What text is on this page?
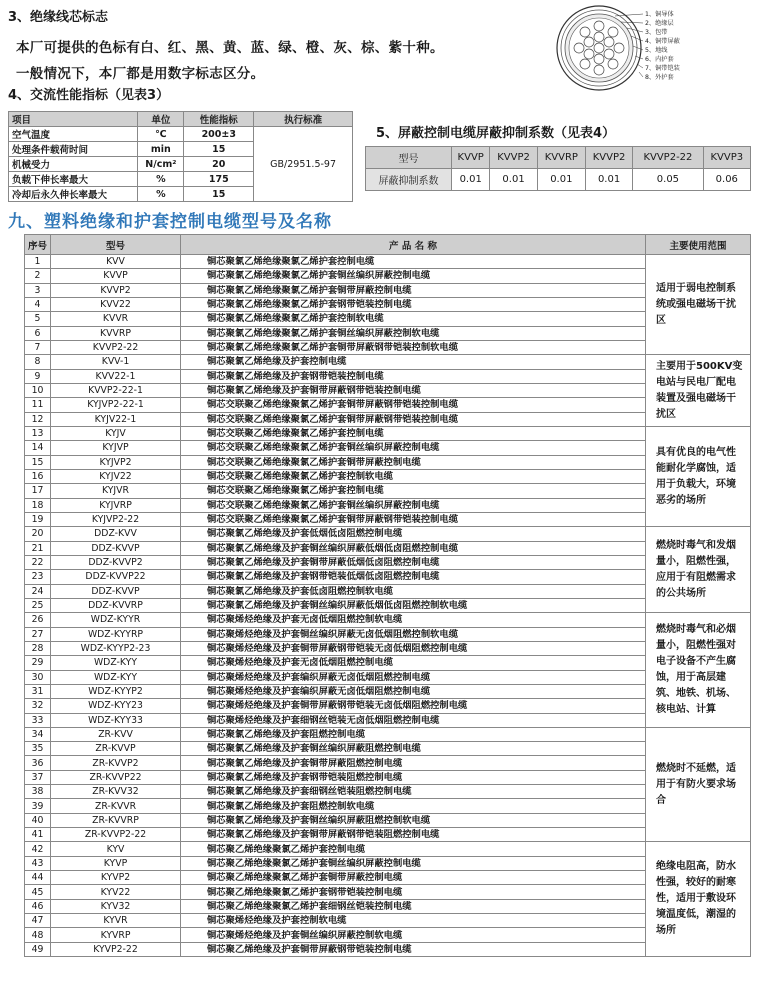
3、绝缘线芯标志
本厂可提供的色标有白、红、黑、黄、蓝、绿、橙、灰、棕、紫十种。
一般情况下，本厂都是用数字标志区分。
1、铜导体
2、绝缘层
3、包带
4、铜带屏蔽
5、地线
6、内护套
7、铜带铠装
8、外护套
4、交流性能指标（见表3）
项目	单位	性能指标	执行标准
空气温度	℃	200±3	GB/2951.5-97
处理条件载荷时间	min	15	
机械受力	N/cm²	20	
负载下伸长率最大	%	175	
冷却后永久伸长率最大	%	15	
5、屏蔽控制电缆屏蔽抑制系数（见表4）
型号	KVVP	KVVP2	KVVRP	KVVP2	KVVP2-22	KVVP3
屏蔽抑制系数	0.01	0.01	0.01	0.01	0.05	0.06
九、塑料绝缘和护套控制电缆型号及名称
序号	型号	产 品 名 称	主要使用范围
1	KVV	铜芯聚氯乙烯绝缘聚氯乙烯护套控制电缆	适用于弱电控制系统或强电磁场干扰区
2	KVVP	铜芯聚氯乙烯绝缘聚氯乙烯护套铜丝编织屏蔽控制电缆	
3	KVVP2	铜芯聚氯乙烯绝缘聚氯乙烯护套铜带屏蔽控制电缆	
4	KVV22	铜芯聚氯乙烯绝缘聚氯乙烯护套钢带铠装控制电缆	
5	KVVR	铜芯聚氯乙烯绝缘聚氯乙烯护套控制软电缆	
6	KVVRP	铜芯聚氯乙烯绝缘聚氯乙烯护套铜丝编织屏蔽控制软电缆	
7	KVVP2-22	铜芯聚氯乙烯绝缘聚氯乙烯护套铜带屏蔽钢带铠装控制软电缆	
8	KVV-1	铜芯聚氯乙烯绝缘及护套控制电缆	主要用于500KV变电站与民电厂配电装置及强电磁场干扰区
9	KVV22-1	铜芯聚氯乙烯绝缘及护套钢带铠装控制电缆	
10	KVVP2-22-1	铜芯聚氯乙烯绝缘及护套铜带屏蔽钢带铠装控制电缆	
11	KYJVP2-22-1	铜芯交联聚乙烯绝缘聚氯乙烯护套铜带屏蔽钢带铠装控制电缆	
12	KYJV22-1	铜芯交联聚乙烯绝缘聚氯乙烯护套铜带屏蔽钢带铠装控制电缆	
13	KYJV	铜芯交联聚乙烯绝缘聚氯乙烯护套控制电缆	具有优良的电气性能耐化学腐蚀，适用于负载大，环境恶劣的场所
14	KYJVP	铜芯交联聚乙烯绝缘聚氯乙烯护套铜丝编织屏蔽控制电缆	
15	KYJVP2	铜芯交联聚乙烯绝缘聚氯乙烯护套铜带屏蔽控制电缆	
16	KYJV22	铜芯交联聚乙烯绝缘聚氯乙烯护套控制软电缆	
17	KYJVR	铜芯交联聚乙烯绝缘聚氯乙烯护套控制电缆	
18	KYJVRP	铜芯交联聚乙烯绝缘聚氯乙烯护套铜丝编织屏蔽控制电缆	
19	KYJVP2-22	铜芯交联聚乙烯绝缘聚氯乙烯护套铜带屏蔽钢带铠装控制电缆	
20	DDZ-KVV	铜芯聚氯乙烯绝缘及护套低烟低卤阻燃控制电缆	燃烧时毒气和发烟量小，阻燃性强，应用于有阻燃需求的公共场所
21	DDZ-KVVP	铜芯聚氯乙烯绝缘及护套铜丝编织屏蔽低烟低卤阻燃控制电缆	
22	DDZ-KVVP2	铜芯聚氯乙烯绝缘及护套铜带屏蔽低烟低卤阻燃控制电缆	
23	DDZ-KVVP22	铜芯聚氯乙烯绝缘及护套钢带铠装低烟低卤阻燃控制电缆	
24	DDZ-KVVP	铜芯聚氯乙烯绝缘及护套低卤阻燃控制软电缆	
25	DDZ-KVVRP	铜芯聚氯乙烯绝缘及护套铜丝编织屏蔽低烟低卤阻燃控制软电缆	
26	WDZ-KYYR	铜芯聚烯烃绝缘及护套无卤低烟阻燃控制软电缆	燃烧时毒气和必烟量小，阻燃性强对电子设备不产生腐蚀，用于高层建筑、地铁、机场、核电站、计算
27	WDZ-KYYRP	铜芯聚烯烃绝缘及护套铜丝编织屏蔽无卤低烟阻燃控制软电缆	
28	WDZ-KYYP2-23	铜芯聚烯烃绝缘及护套铜带屏蔽钢带铠装无卤低烟阻燃控制电缆	
29	WDZ-KYY	铜芯聚烯烃绝缘及护套无卤低烟阻燃控制电缆	
30	WDZ-KYY	铜芯聚烯烃绝缘及护套编织屏蔽无卤低烟阻燃控制电缆	
31	WDZ-KYYP2	铜芯聚烯烃绝缘及护套编织屏蔽无卤低烟阻燃控制电缆	
32	WDZ-KYY23	铜芯聚烯烃绝缘及护套铜带屏蔽钢带铠装无卤低烟阻燃控制电缆	
33	WDZ-KYY33	铜芯聚烯烃绝缘及护套细钢丝铠装无卤低烟阻燃控制电缆	
34	ZR-KVV	铜芯聚氯乙烯绝缘及护套阻燃控制电缆	燃烧时不延燃，适用于有防火要求场合
35	ZR-KVVP	铜芯聚氯乙烯绝缘及护套铜丝编织屏蔽阻燃控制电缆	
36	ZR-KVVP2	铜芯聚氯乙烯绝缘及护套铜带屏蔽阻燃控制电缆	
37	ZR-KVVP22	铜芯聚氯乙烯绝缘及护套钢带铠装阻燃控制电缆	
38	ZR-KVV32	铜芯聚氯乙烯绝缘及护套细钢丝铠装阻燃控制电缆	
39	ZR-KVVR	铜芯聚氯乙烯绝缘及护套阻燃控制软电缆	
40	ZR-KVVRP	铜芯聚氯乙烯绝缘及护套铜丝编织屏蔽阻燃控制软电缆	
41	ZR-KVVP2-22	铜芯聚氯乙烯绝缘及护套铜带屏蔽钢带铠装阻燃控制电缆	
42	KYV	铜芯聚乙烯绝缘聚氯乙烯护套控制电缆	绝缘电阻高，防水性强，较好的耐寒性，适用于敷设环境温度低，潮湿的场所
43	KYVP	铜芯聚乙烯绝缘聚氯乙烯护套铜丝编织屏蔽控制电缆	
44	KYVP2	铜芯聚乙烯绝缘聚氯乙烯护套铜带屏蔽控制电缆	
45	KYV22	铜芯聚乙烯绝缘聚氯乙烯护套钢带铠装控制电缆	
46	KYV32	铜芯聚乙烯绝缘聚氯乙烯护套细钢丝铠装控制电缆	
47	KYVR	铜芯聚烯烃绝缘及护套控制软电缆	
48	KYVRP	铜芯聚烯烃绝缘及护套铜丝编织屏蔽控制软电缆	
49	KYVP2-22	铜芯聚乙烯绝缘及护套铜带屏蔽钢带铠装控制电缆	
